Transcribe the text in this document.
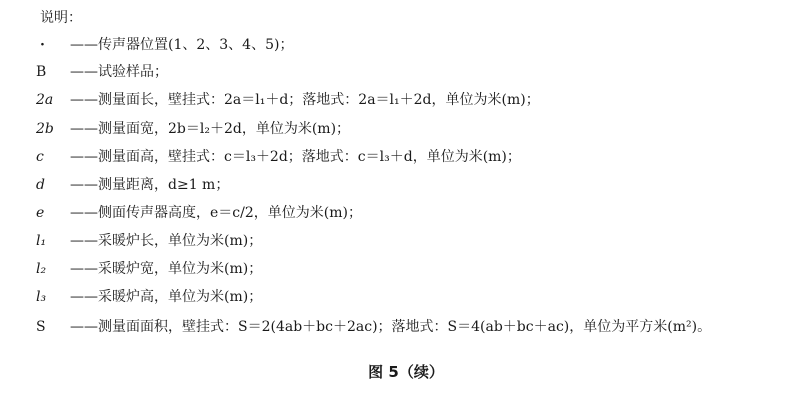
说明：
·	——传声器位置(1、2、3、4、5)；
B	——试验样品；
2a	——测量面长，壁挂式：2a＝l₁＋d；落地式：2a＝l₁＋2d，单位为米(m)；
2b	——测量面宽，2b＝l₂＋2d，单位为米(m)；
c	——测量面高，壁挂式：c＝l₃＋2d；落地式：c＝l₃＋d，单位为米(m)；
d	——测量距离，d≥1 m；
e	——侧面传声器高度，e＝c/2，单位为米(m)；
l₁	——采暖炉长，单位为米(m)；
l₂	——采暖炉宽，单位为米(m)；
l₃	——采暖炉高，单位为米(m)；
S	——测量面面积，壁挂式：S＝2(4ab＋bc＋2ac)；落地式：S＝4(ab＋bc＋ac)，单位为平方米(m²)。
图 5（续）
